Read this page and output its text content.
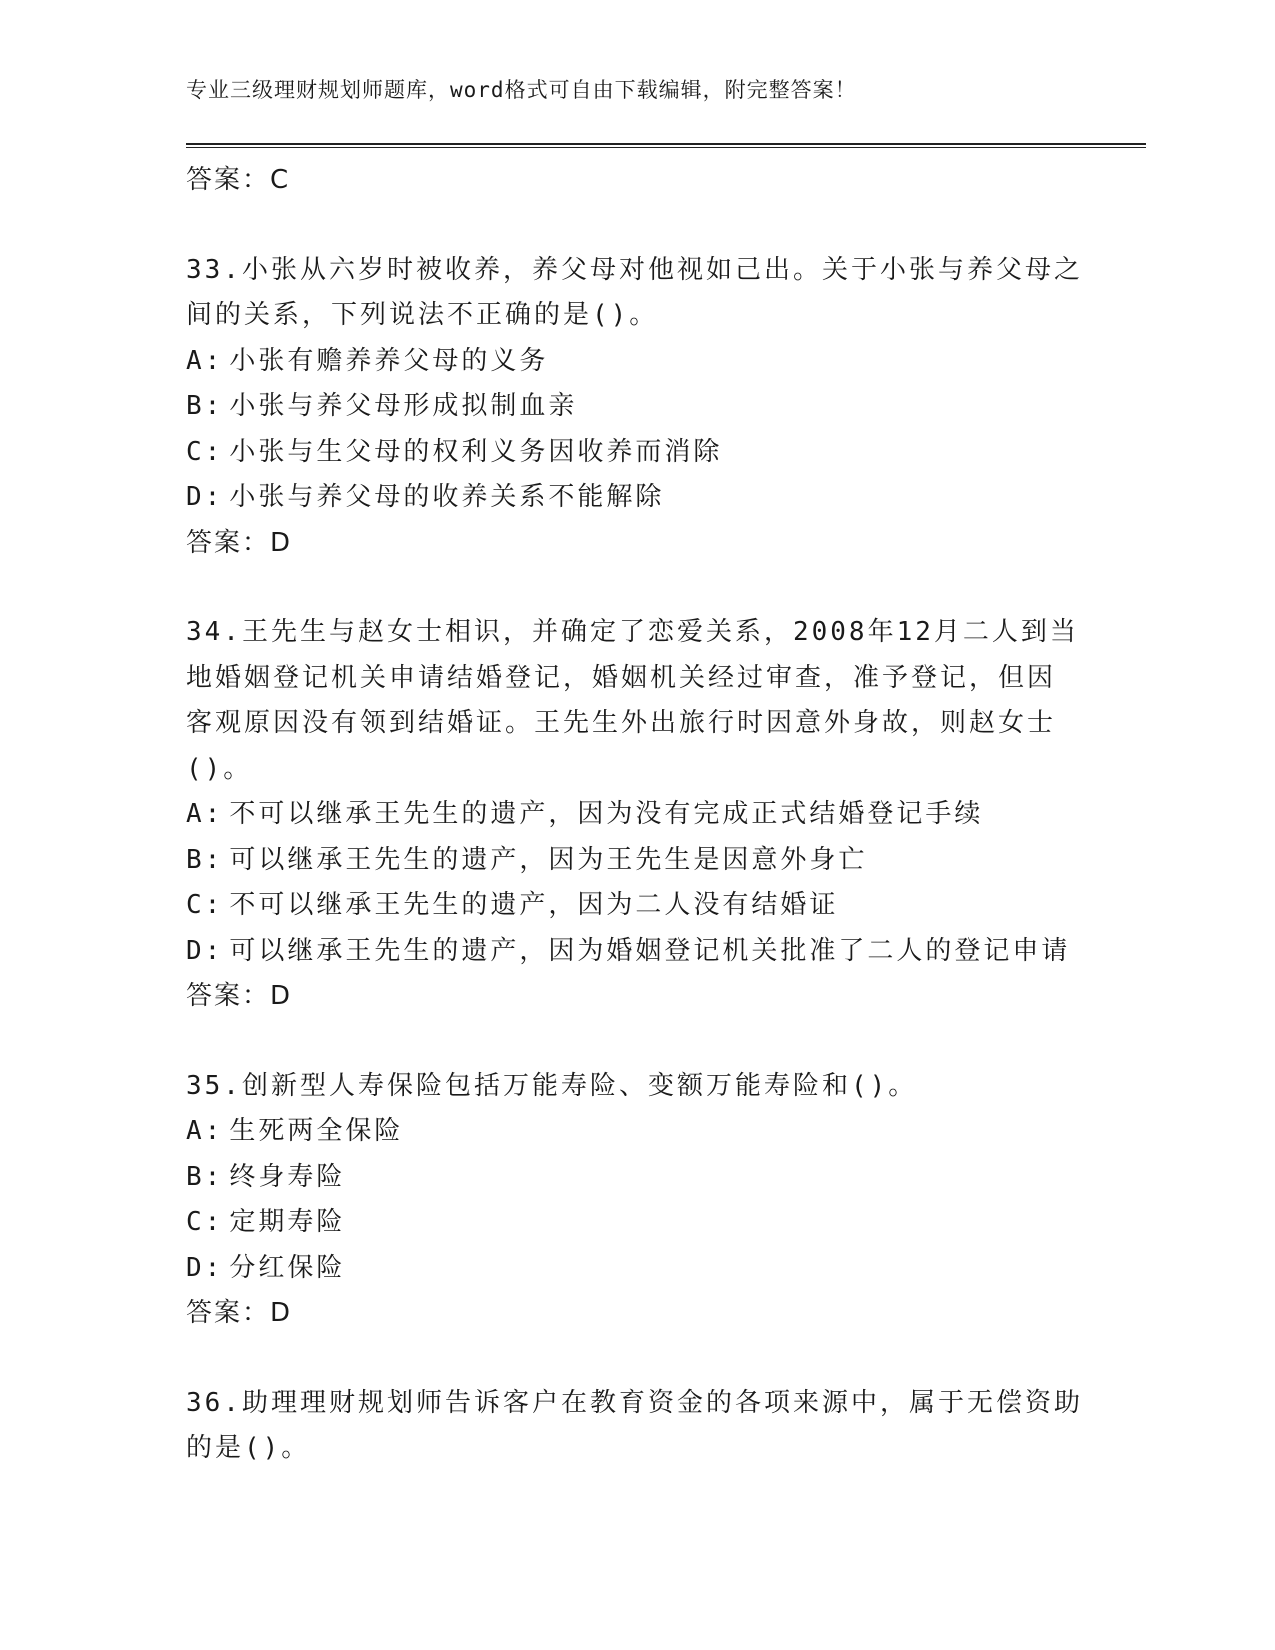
专业三级理财规划师题库，word格式可自由下载编辑，附完整答案！
答案：C
33.小张从六岁时被收养，养父母对他视如己出。关于小张与养父母之
间的关系，下列说法不正确的是()。
A: 小张有赡养养父母的义务
B: 小张与养父母形成拟制血亲
C: 小张与生父母的权利义务因收养而消除
D: 小张与养父母的收养关系不能解除
答案：D
34.王先生与赵女士相识，并确定了恋爱关系，2008年12月二人到当
地婚姻登记机关申请结婚登记，婚姻机关经过审查，准予登记，但因
客观原因没有领到结婚证。王先生外出旅行时因意外身故，则赵女士
()。
A: 不可以继承王先生的遗产，因为没有完成正式结婚登记手续
B: 可以继承王先生的遗产，因为王先生是因意外身亡
C: 不可以继承王先生的遗产，因为二人没有结婚证
D: 可以继承王先生的遗产，因为婚姻登记机关批准了二人的登记申请
答案：D
35.创新型人寿保险包括万能寿险、变额万能寿险和()。
A: 生死两全保险
B: 终身寿险
C: 定期寿险
D: 分红保险
答案：D
36.助理理财规划师告诉客户在教育资金的各项来源中，属于无偿资助
的是()。
